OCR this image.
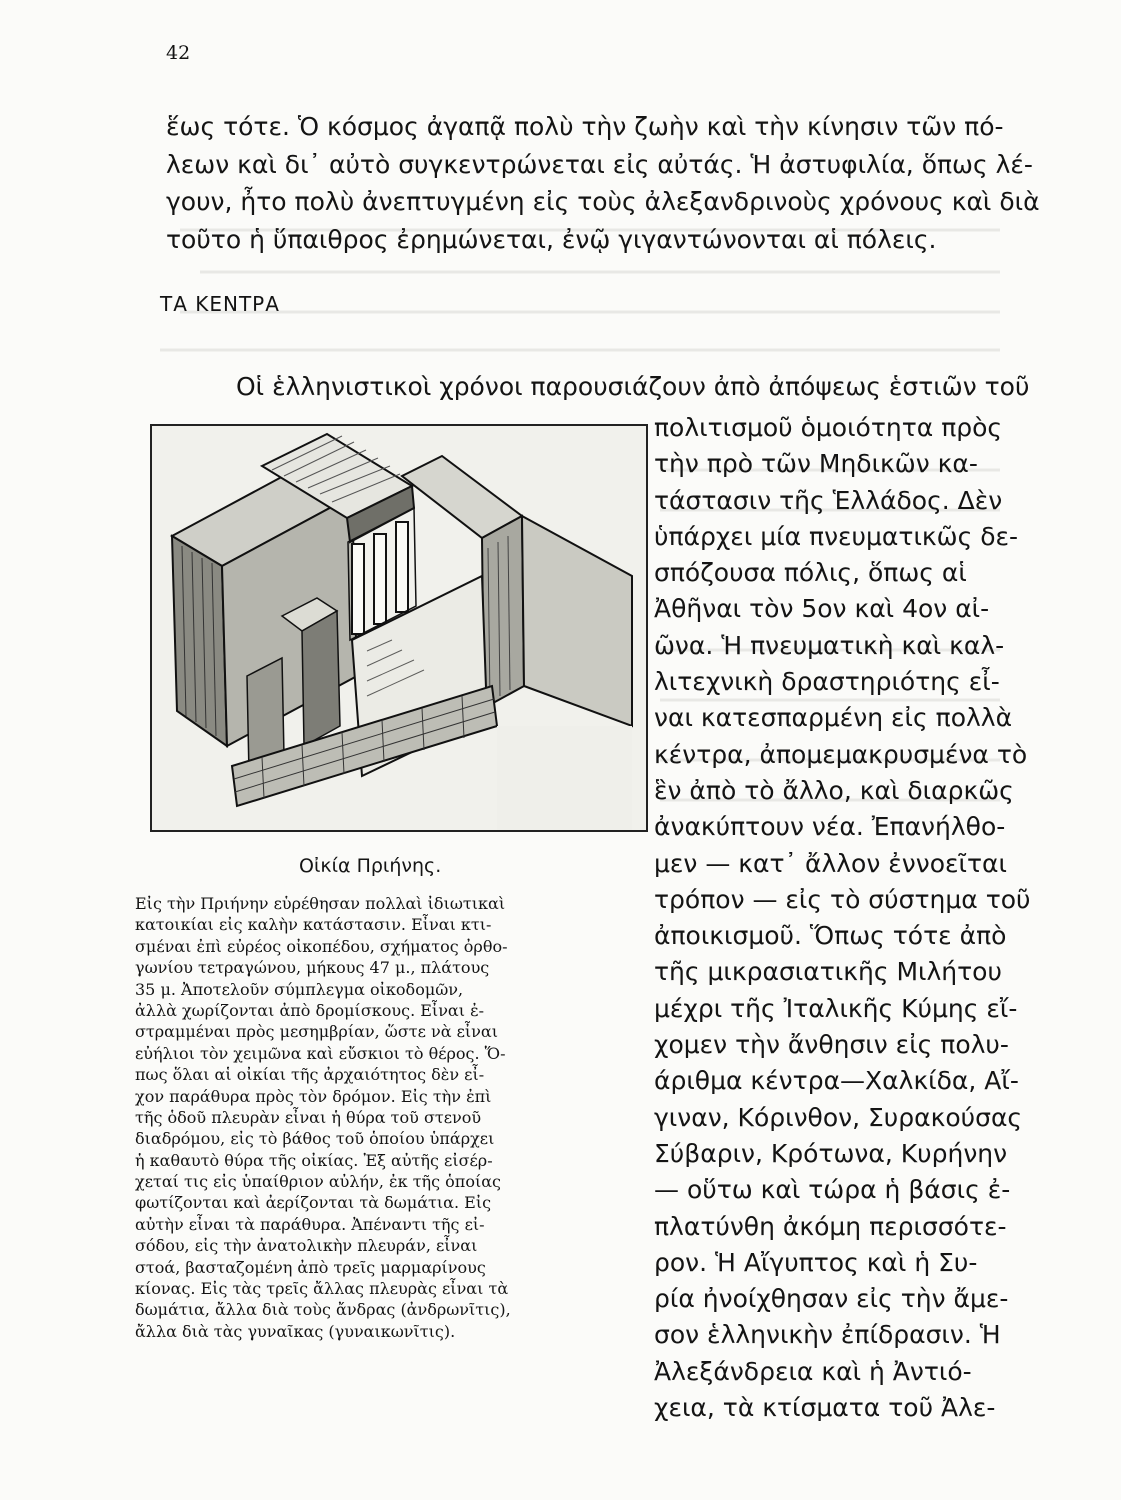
42
ἕως τότε. Ὁ κόσμος ἀγαπᾷ πολὺ τὴν ζωὴν καὶ τὴν κίνησιν τῶν πό-
λεων καὶ δι᾿ αὐτὸ συγκεντρώνεται εἰς αὐτάς. Ἡ ἀστυφιλία, ὅπως λέ-
γουν, ἦτο πολὺ ἀνεπτυγμένη εἰς τοὺς ἀλεξανδρινοὺς χρόνους καὶ διὰ
τοῦτο ἡ ὕπαιθρος ἐρημώνεται, ἐνῷ γιγαντώνονται αἱ πόλεις.
ΤΑ ΚΕΝΤΡΑ
Οἱ ἑλληνιστικοὶ χρόνοι παρουσιάζουν ἀπὸ ἀπόψεως ἑστιῶν τοῦ
πολιτισμοῦ ὁμοιότητα πρὸς
τὴν πρὸ τῶν Μηδικῶν κα-
τάστασιν τῆς Ἑλλάδος. Δὲν
ὑπάρχει μία πνευματικῶς δε-
σπόζουσα πόλις, ὅπως αἱ
Ἀθῆναι τὸν 5ον καὶ 4ον αἰ-
ῶνα. Ἡ πνευματικὴ καὶ καλ-
λιτεχνικὴ δραστηριότης εἶ-
ναι κατεσπαρμένη εἰς πολλὰ
κέντρα, ἀπομεμακρυσμένα τὸ
ἓν ἀπὸ τὸ ἄλλο, καὶ διαρκῶς
ἀνακύπτουν νέα. Ἐπανήλθο-
μεν — κατ᾿ ἄλλον ἐννοεῖται
τρόπον — εἰς τὸ σύστημα τοῦ
ἀποικισμοῦ. Ὅπως τότε ἀπὸ
τῆς μικρασιατικῆς Μιλήτου
μέχρι τῆς Ἰταλικῆς Κύμης εἴ-
χομεν τὴν ἄνθησιν εἰς πολυ-
άριθμα κέντρα—Χαλκίδα, Αἴ-
γιναν, Κόρινθον, Συρακούσας
Σύβαριν, Κρότωνα, Κυρήνην
— οὕτω καὶ τώρα ἡ βάσις ἐ-
πλατύνθη ἀκόμη περισσότε-
ρον. Ἡ Αἴγυπτος καὶ ἡ Συ-
ρία ἠνοίχθησαν εἰς τὴν ἄμε-
σον ἑλληνικὴν ἐπίδρασιν. Ἡ
Ἀλεξάνδρεια καὶ ἡ Ἀντιό-
χεια, τὰ κτίσματα τοῦ Ἀλε-
Οἰκία Πριήνης.
Εἰς τὴν Πριήνην εὑρέθησαν πολλαὶ ἰδιωτικαὶ
κατοικίαι εἰς καλὴν κατάστασιν. Εἶναι κτι-
σμέναι ἐπὶ εὐρέος οἰκοπέδου, σχήματος ὀρθο-
γωνίου τετραγώνου, μήκους 47 μ., πλάτους
35 μ. Ἀποτελοῦν σύμπλεγμα οἰκοδομῶν,
ἀλλὰ χωρίζονται ἀπὸ δρομίσκους. Εἶναι ἐ-
στραμμέναι πρὸς μεσημβρίαν, ὥστε νὰ εἶναι
εὐήλιοι τὸν χειμῶνα καὶ εὔσκιοι τὸ θέρος. Ὅ-
πως ὅλαι αἱ οἰκίαι τῆς ἀρχαιότητος δὲν εἶ-
χον παράθυρα πρὸς τὸν δρόμον. Εἰς τὴν ἐπὶ
τῆς ὁδοῦ πλευρὰν εἶναι ἡ θύρα τοῦ στενοῦ
διαδρόμου, εἰς τὸ βάθος τοῦ ὁποίου ὑπάρχει
ἡ καθαυτὸ θύρα τῆς οἰκίας. Ἐξ αὐτῆς εἰσέρ-
χεταί τις εἰς ὑπαίθριον αὐλήν, ἐκ τῆς ὁποίας
φωτίζονται καὶ ἀερίζονται τὰ δωμάτια. Εἰς
αὐτὴν εἶναι τὰ παράθυρα. Ἀπέναντι τῆς εἰ-
σόδου, εἰς τὴν ἀνατολικὴν πλευράν, εἶναι
στοά, βασταζομένη ἀπὸ τρεῖς μαρμαρίνους
κίονας. Εἰς τὰς τρεῖς ἄλλας πλευρὰς εἶναι τὰ
δωμάτια, ἄλλα διὰ τοὺς ἄνδρας (ἀνδρωνῖτις),
ἄλλα διὰ τὰς γυναῖκας (γυναικωνῖτις).
